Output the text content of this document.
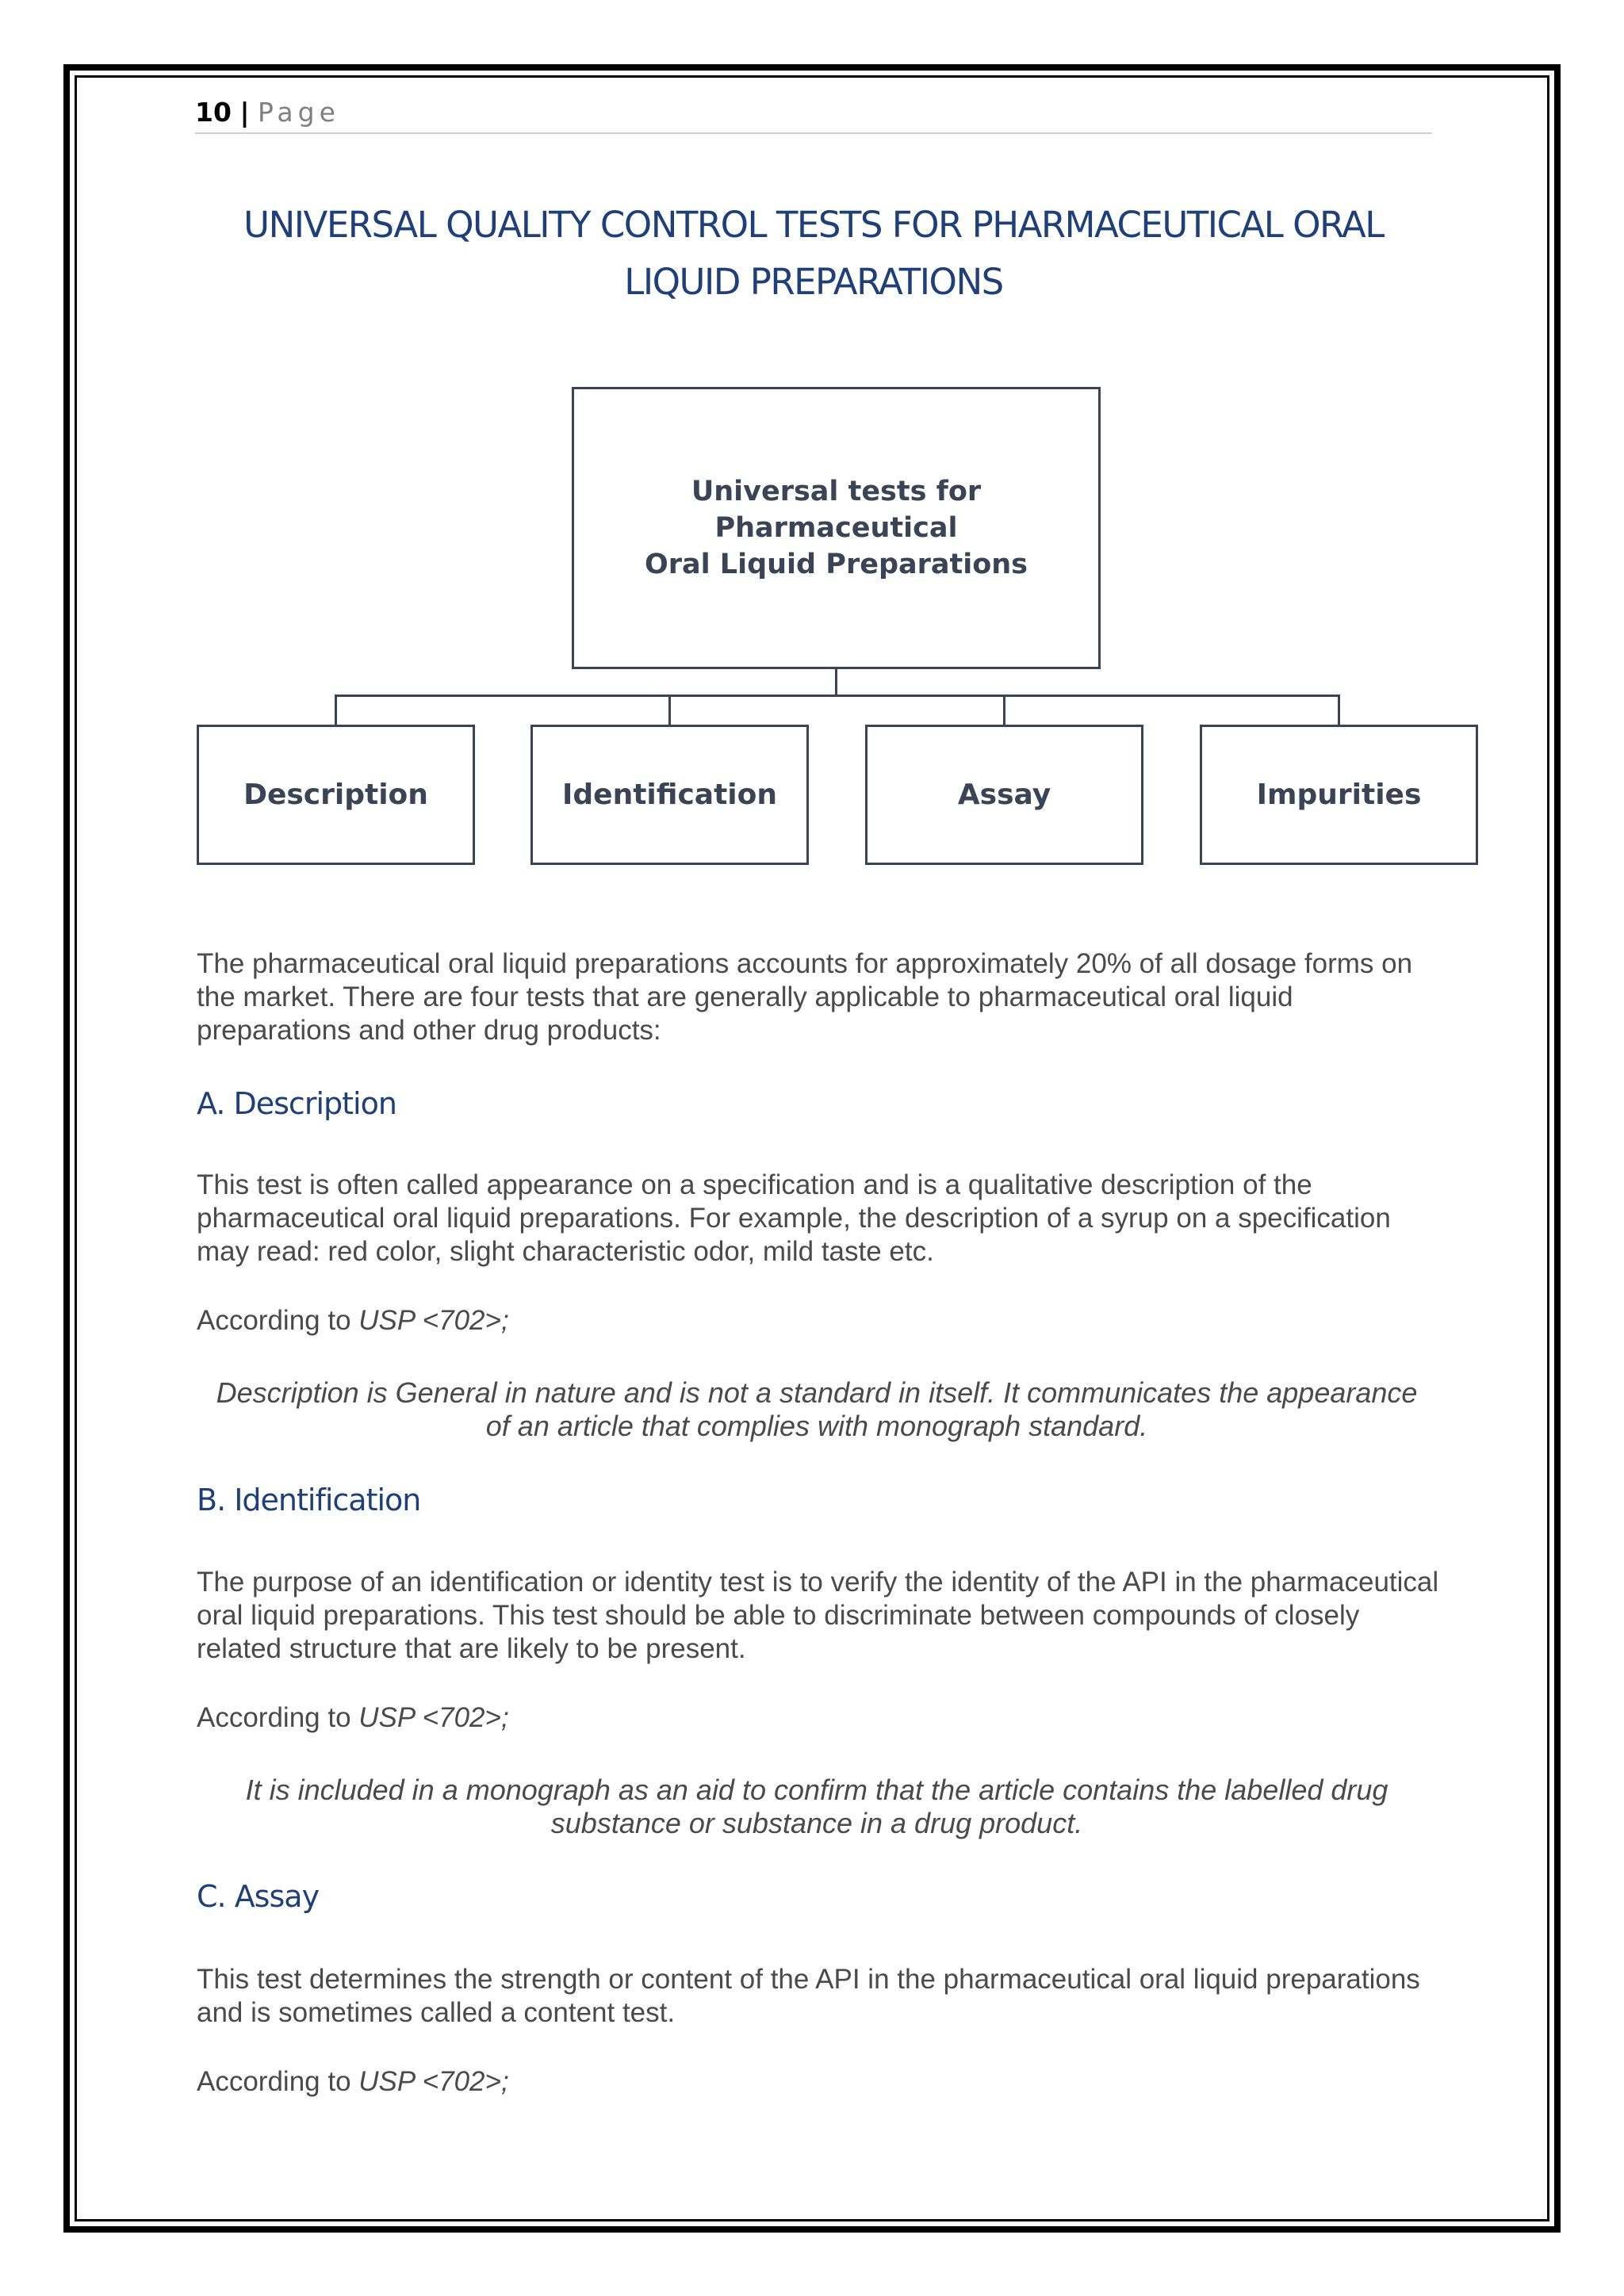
10 | Page
UNIVERSAL QUALITY CONTROL TESTS FOR PHARMACEUTICAL ORAL
LIQUID PREPARATIONS
Universal tests for Pharmaceutical
Oral Liquid Preparations
Description	Identification	Assay	Impurities

The pharmaceutical oral liquid preparations accounts for approximately 20% of all dosage forms on the market. There are four tests that are generally applicable to pharmaceutical oral liquid preparations and other drug products:

A. Description

This test is often called appearance on a specification and is a qualitative description of the pharmaceutical oral liquid preparations. For example, the description of a syrup on a specification may read: red color, slight characteristic odor, mild taste etc.

According to USP <702>;

Description is General in nature and is not a standard in itself. It communicates the appearance of an article that complies with monograph standard.

B. Identification

The purpose of an identification or identity test is to verify the identity of the API in the pharmaceutical oral liquid preparations. This test should be able to discriminate between compounds of closely related structure that are likely to be present.

According to USP <702>;

It is included in a monograph as an aid to confirm that the article contains the labelled drug substance or substance in a drug product.

C. Assay

This test determines the strength or content of the API in the pharmaceutical oral liquid preparations and is sometimes called a content test.

According to USP <702>;
